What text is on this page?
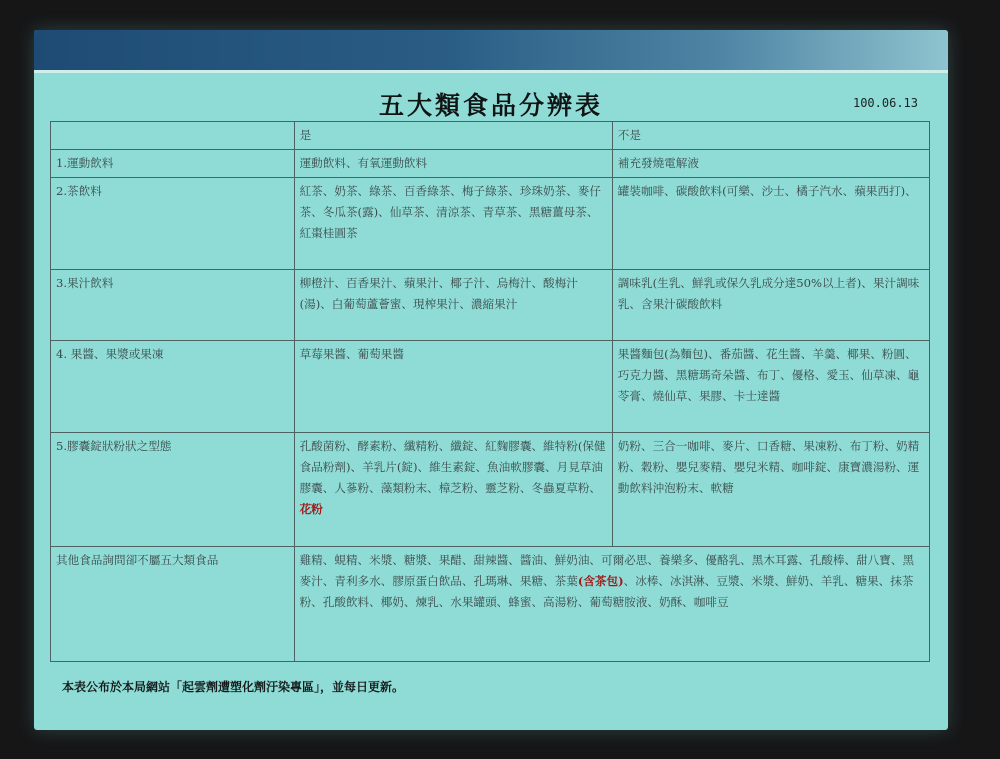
五大類食品分辨表	100.06.13
	是	不是
1.運動飲料	運動飲料、有氧運動飲料	補充發燒電解液
2.茶飲料	紅茶、奶茶、綠茶、百香綠茶、梅子綠茶、珍珠奶茶、麥仔茶、冬瓜茶(露)、仙草茶、清涼茶、青草茶、黑糖薑母茶、紅棗桂圓茶	罐裝咖啡、碳酸飲料(可樂、沙士、橘子汽水、蘋果西打)、
3.果汁飲料	柳橙汁、百香果汁、蘋果汁、椰子汁、烏梅汁、酸梅汁(湯)、白葡萄蘆薈蜜、現榨果汁、濃縮果汁	調味乳(生乳、鮮乳或保久乳成分達50%以上者)、果汁調味乳、含果汁碳酸飲料
4. 果醬、果漿或果凍	草莓果醬、葡萄果醬	果醬麵包(為麵包)、番茄醬、花生醬、羊羹、椰果、粉圓、巧克力醬、黑糖瑪奇朵醬、布丁、優格、愛玉、仙草凍、龜苓膏、燒仙草、果膠、卡士達醬
5.膠囊錠狀粉狀之型態	孔酸菌粉、酵素粉、纖精粉、纖錠、紅麴膠囊、維特粉(保健食品粉劑)、羊乳片(錠)、維生素錠、魚油軟膠囊、月見草油膠囊、人蔘粉、藻類粉末、樟芝粉、靈芝粉、冬蟲夏草粉、花粉	奶粉、三合一咖啡、麥片、口香糖、果凍粉、布丁粉、奶精粉、穀粉、嬰兒麥精、嬰兒米精、咖啡錠、康寶濃湯粉、運動飲料沖泡粉末、軟糖
其他食品詢問卻不屬五大類食品	雞精、蜆精、米漿、糖漿、果醋、甜辣醬、醬油、鮮奶油、可爾必思、養樂多、優酪乳、黑木耳露、孔酸棒、甜八寶、黑麥汁、青利多水、膠原蛋白飲品、孔瑪琳、果糖、茶葉(含茶包)、冰棒、冰淇淋、豆漿、米漿、鮮奶、羊乳、糖果、抹茶粉、孔酸飲料、椰奶、煉乳、水果罐頭、蜂蜜、高湯粉、葡萄糖胺液、奶酥、咖啡豆	
本表公布於本局網站「起雲劑遭塑化劑汙染專區」，並每日更新。
